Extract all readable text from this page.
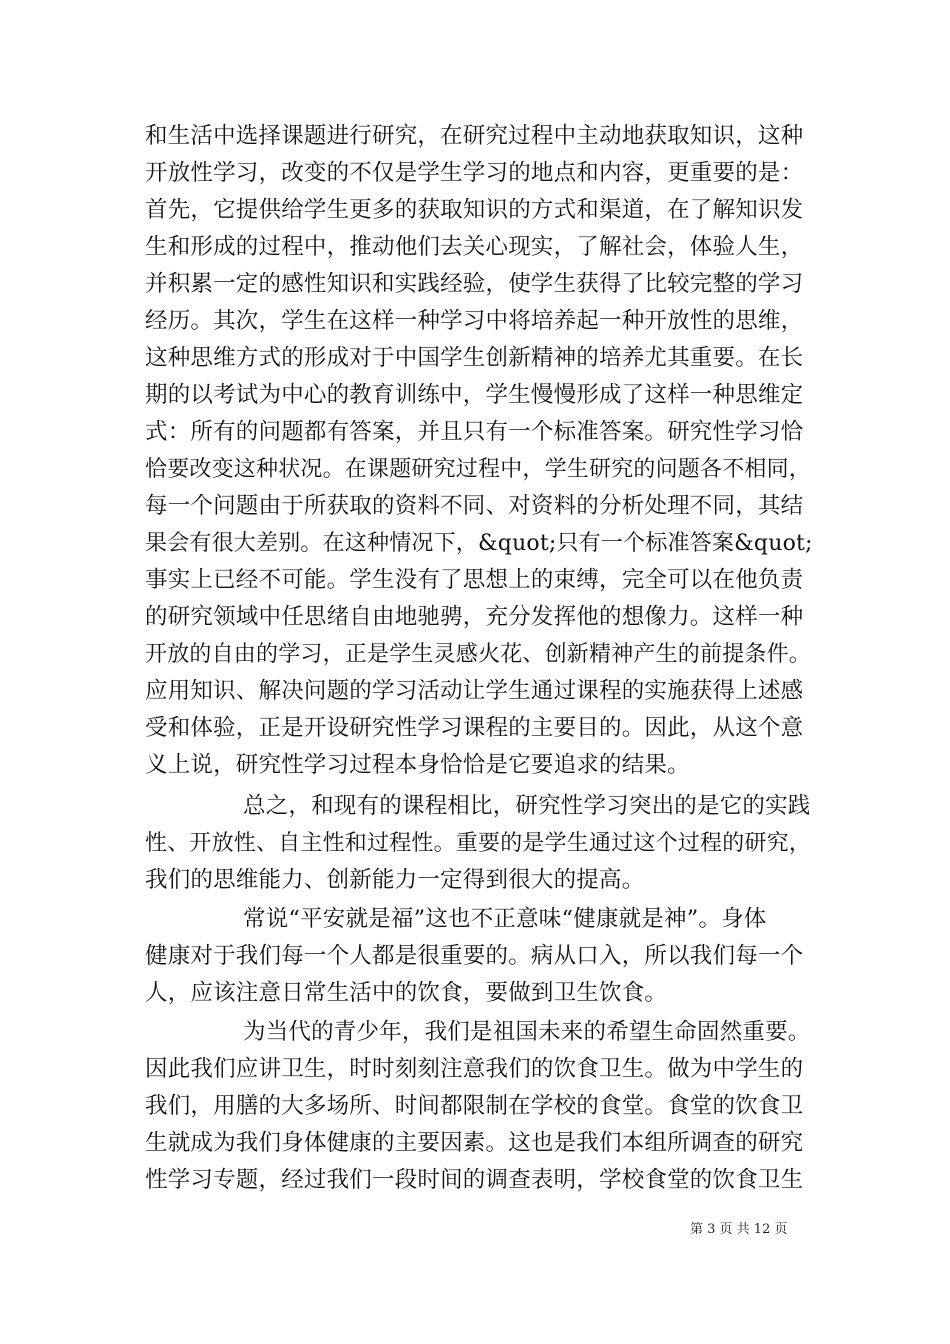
和生活中选择课题进行研究，在研究过程中主动地获取知识，这种
开放性学习，改变的不仅是学生学习的地点和内容，更重要的是：
首先，它提供给学生更多的获取知识的方式和渠道，在了解知识发
生和形成的过程中，推动他们去关心现实，了解社会，体验人生，
并积累一定的感性知识和实践经验，使学生获得了比较完整的学习
经历。其次，学生在这样一种学习中将培养起一种开放性的思维，
这种思维方式的形成对于中国学生创新精神的培养尤其重要。在长
期的以考试为中心的教育训练中，学生慢慢形成了这样一种思维定
式：所有的问题都有答案，并且只有一个标准答案。研究性学习恰
恰要改变这种状况。在课题研究过程中，学生研究的问题各不相同，
每一个问题由于所获取的资料不同、对资料的分析处理不同，其结
果会有很大差别。在这种情况下，&quot;只有一个标准答案&quot;
事实上已经不可能。学生没有了思想上的束缚，完全可以在他负责
的研究领域中任思绪自由地驰骋，充分发挥他的想像力。这样一种
开放的自由的学习，正是学生灵感火花、创新精神产生的前提条件。
应用知识、解决问题的学习活动让学生通过课程的实施获得上述感
受和体验，正是开设研究性学习课程的主要目的。因此，从这个意
义上说，研究性学习过程本身恰恰是它要追求的结果。
总之，和现有的课程相比，研究性学习突出的是它的实践
性、开放性、自主性和过程性。重要的是学生通过这个过程的研究，
我们的思维能力、创新能力一定得到很大的提高。
常说“平安就是福”这也不正意味“健康就是神”。身体
健康对于我们每一个人都是很重要的。病从口入，所以我们每一个
人，应该注意日常生活中的饮食，要做到卫生饮食。
为当代的青少年，我们是祖国未来的希望生命固然重要。
因此我们应讲卫生，时时刻刻注意我们的饮食卫生。做为中学生的
我们，用膳的大多场所、时间都限制在学校的食堂。食堂的饮食卫
生就成为我们身体健康的主要因素。这也是我们本组所调查的研究
性学习专题，经过我们一段时间的调查表明，学校食堂的饮食卫生
第 3 页 共 12 页
